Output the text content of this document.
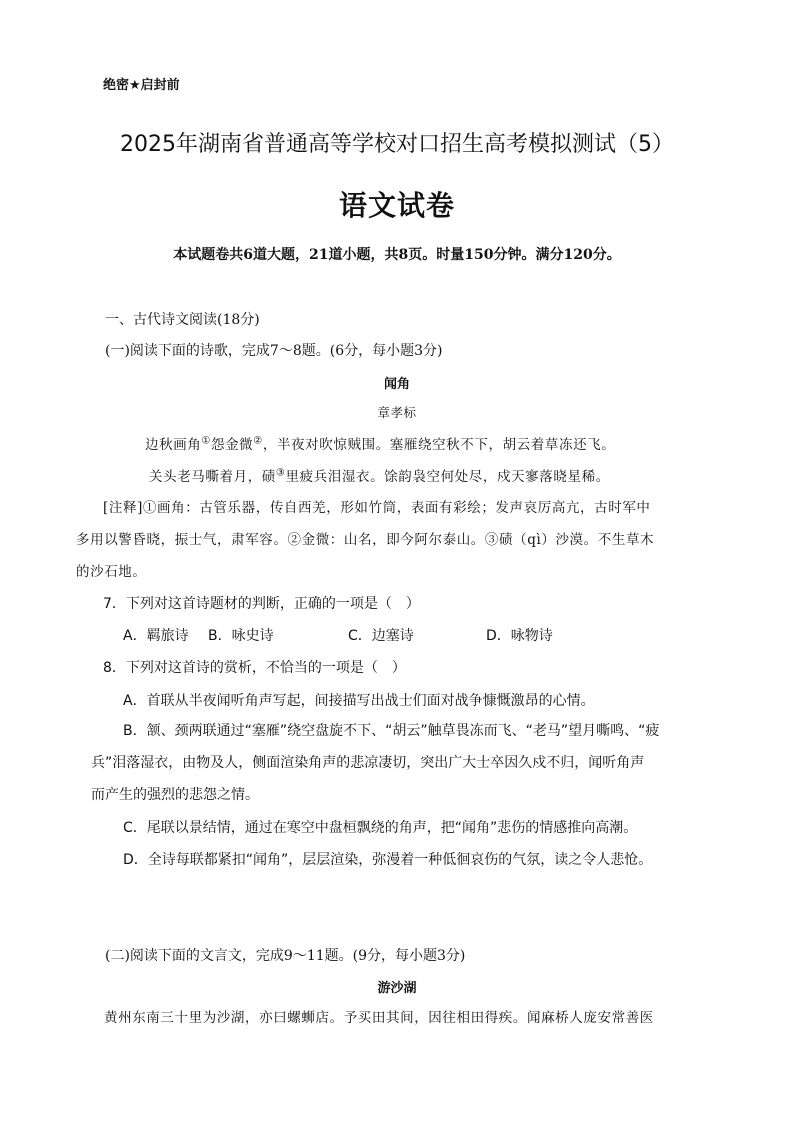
绝密★启封前
2025年湖南省普通高等学校对口招生高考模拟测试（5）
语文试卷
本试题卷共6道大题，21道小题，共8页。时量150分钟。满分120分。
一、古代诗文阅读(18分)
(一)阅读下面的诗歌，完成7～8题。(6分，每小题3分)
闻角
章孝标
边秋画角①怨金微②，半夜对吹惊贼围。塞雁绕空秋不下，胡云着草冻还飞。
关头老马嘶着月，碛③里疲兵泪湿衣。馀韵袅空何处尽，戍天寥落晓星稀。
[注释]①画角：古管乐器，传自西羌，形如竹筒，表面有彩绘；发声哀厉高亢，古时军中
多用以警昏晓，振士气，肃军容。②金微：山名，即今阿尔泰山。③碛（qì）沙漠。不生草木
的沙石地。
7．下列对这首诗题材的判断，正确的一项是（　）
A．羁旅诗 B．咏史诗	C．边塞诗	D．咏物诗
8．下列对这首诗的赏析，不恰当的一项是（　）
A．首联从半夜闻听角声写起，间接描写出战士们面对战争慷慨激昂的心情。
B．颔、颈两联通过“塞雁”绕空盘旋不下、“胡云”触草畏冻而飞、“老马”望月嘶鸣、“疲
兵”泪落湿衣，由物及人，侧面渲染角声的悲凉凄切，突出广大士卒因久戍不归，闻听角声
而产生的强烈的悲怨之情。
C．尾联以景结情，通过在寒空中盘桓飘绕的角声，把“闻角”悲伤的情感推向高潮。
D．全诗每联都紧扣“闻角”，层层渲染，弥漫着一种低徊哀伤的气氛，读之令人悲怆。
(二)阅读下面的文言文，完成9～11题。(9分，每小题3分)
游沙湖
黄州东南三十里为沙湖，亦曰螺蛳店。予买田其间，因往相田得疾。闻麻桥人庞安常善医
